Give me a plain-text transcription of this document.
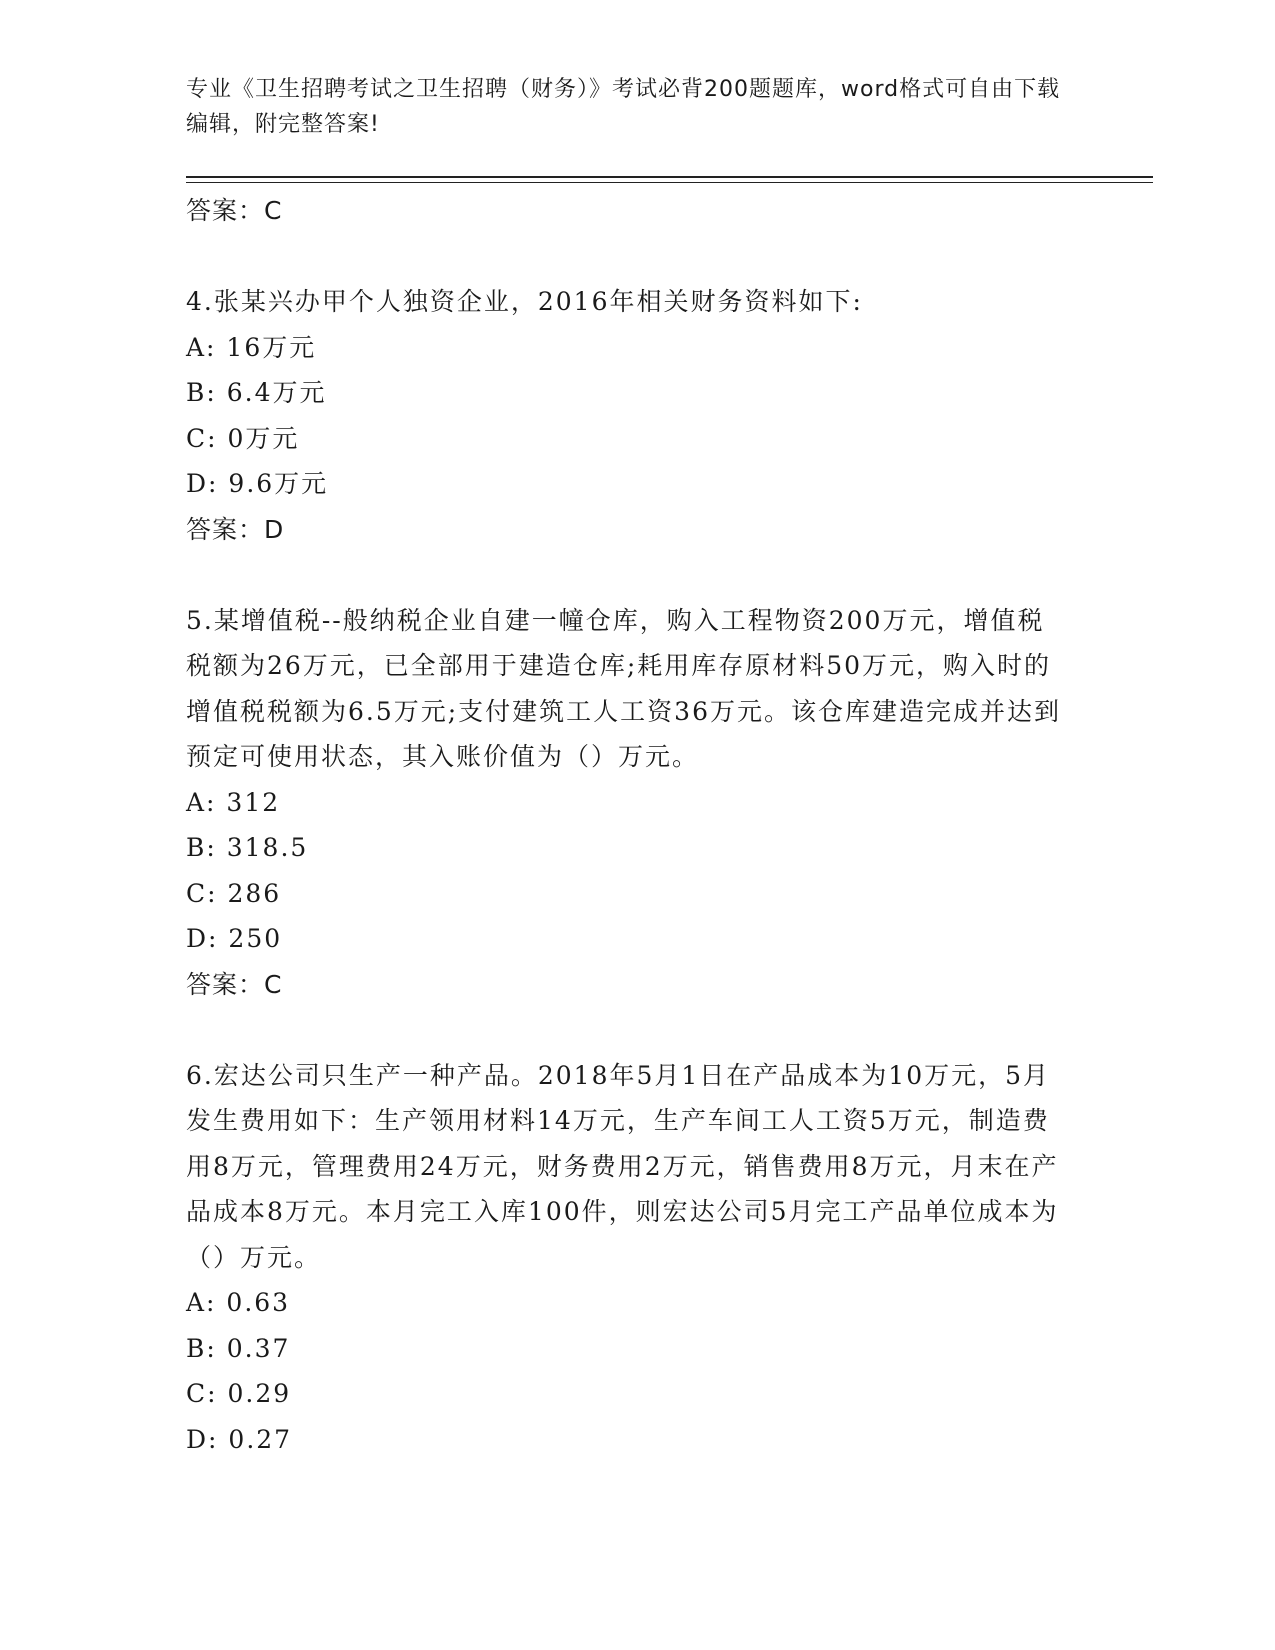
专业《卫生招聘考试之卫生招聘（财务）》考试必背200题题库，word格式可自由下载编辑，附完整答案!
答案：C
4.张某兴办甲个人独资企业，2016年相关财务资料如下:
A: 16万元
B: 6.4万元
C: 0万元
D: 9.6万元
答案：D
5.某增值税--般纳税企业自建一幢仓库，购入工程物资200万元，增值税税额为26万元，已全部用于建造仓库;耗用库存原材料50万元，购入时的增值税税额为6.5万元;支付建筑工人工资36万元。该仓库建造完成并达到预定可使用状态，其入账价值为（）万元。
A: 312
B: 318.5
C: 286
D: 250
答案：C
6.宏达公司只生产一种产品。2018年5月1日在产品成本为10万元，5月发生费用如下：生产领用材料14万元，生产车间工人工资5万元，制造费用8万元，管理费用24万元，财务费用2万元，销售费用8万元，月末在产品成本8万元。本月完工入库100件，则宏达公司5月完工产品单位成本为（）万元。
A: 0.63
B: 0.37
C: 0.29
D: 0.27
